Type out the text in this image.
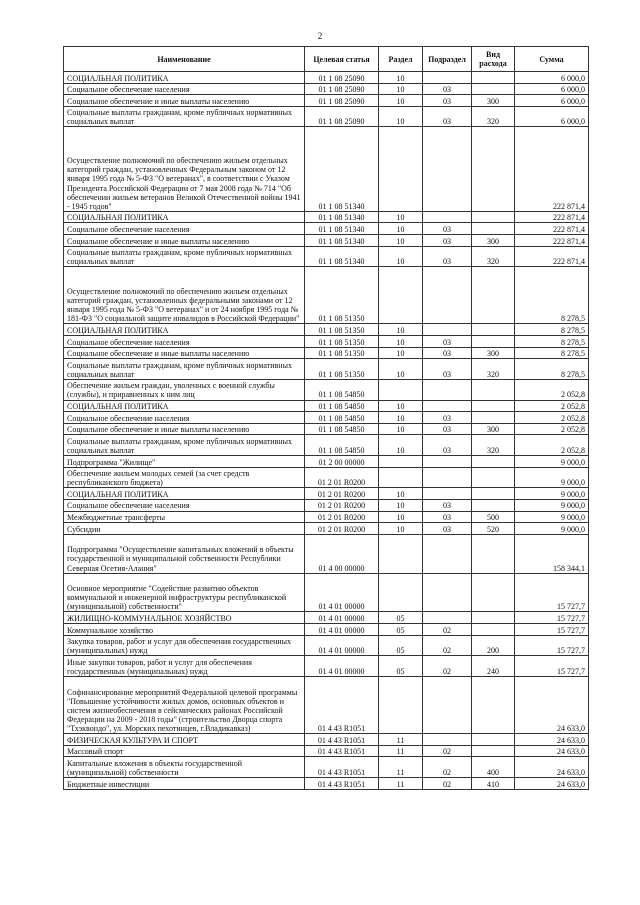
2
Наименование	Целевая статья	Раздел	Подраздел	Вид расхода	Сумма
СОЦИАЛЬНАЯ ПОЛИТИКА	01 1 08 25090	10			6 000,0
Социальное обеспечение населения	01 1 08 25090	10	03		6 000,0
Социальное обеспечение и иные выплаты населению	01 1 08 25090	10	03	300	6 000,0
Социальные выплаты гражданам, кроме публичных нормативных социальных выплат	01 1 08 25090	10	03	320	6 000,0
Осуществление полномочий по обеспечению жильем отдельных категорий граждан, установленных Федеральным законом от 12 января 1995 года № 5-ФЗ "О ветеранах", в соответствии с Указом Президента Российской Федерации от 7 мая 2008 года № 714 "Об обеспечении жильем ветеранов Великой Отечественной войны 1941 - 1945 годов"	01 1 08 51340				222 871,4
СОЦИАЛЬНАЯ ПОЛИТИКА	01 1 08 51340	10			222 871,4
Социальное обеспечение населения	01 1 08 51340	10	03		222 871,4
Социальное обеспечение и иные выплаты населению	01 1 08 51340	10	03	300	222 871,4
Социальные выплаты гражданам, кроме публичных нормативных социальных выплат	01 1 08 51340	10	03	320	222 871,4
Осуществление полномочий по обеспечению жильем отдельных категорий граждан, установленных федеральными законами от 12 января 1995 года № 5-ФЗ "О ветеранах" и от 24 ноября 1995 года № 181-ФЗ "О социальной защите инвалидов в Российской Федерации"	01 1 08 51350				8 278,5
СОЦИАЛЬНАЯ ПОЛИТИКА	01 1 08 51350	10			8 278,5
Социальное обеспечение населения	01 1 08 51350	10	03		8 278,5
Социальное обеспечение и иные выплаты населению	01 1 08 51350	10	03	300	8 278,5
Социальные выплаты гражданам, кроме публичных нормативных социальных выплат	01 1 08 51350	10	03	320	8 278,5
Обеспечение жильем граждан, уволенных с военной службы (службы), и приравненных к ним лиц	01 1 08 54850				2 052,8
СОЦИАЛЬНАЯ ПОЛИТИКА	01 1 08 54850	10			2 052,8
Социальное обеспечение населения	01 1 08 54850	10	03		2 052,8
Социальное обеспечение и иные выплаты населению	01 1 08 54850	10	03	300	2 052,8
Социальные выплаты гражданам, кроме публичных нормативных социальных выплат	01 1 08 54850	10	03	320	2 052,8
Подпрограмма "Жилище"	01 2 00 00000				9 000,0
Обеспечение жильем молодых семей (за счет средств республиканского бюджета)	01 2 01 R0200				9 000,0
СОЦИАЛЬНАЯ ПОЛИТИКА	01 2 01 R0200	10			9 000,0
Социальное обеспечение населения	01 2 01 R0200	10	03		9 000,0
Межбюджетные трансферты	01 2 01 R0200	10	03	500	9 000,0
Субсидии	01 2 01 R0200	10	03	520	9 000,0
Подпрограмма "Осуществление капитальных вложений в объекты государственной и муниципальной собственности Республики Северная Осетия-Алания"	01 4 00 00000				158 344,1
Основное мероприятие "Содействие развитию объектов коммунальной и инженерной инфраструктуры республиканской (муниципальной) собственности"	01 4 01 00000				15 727,7
ЖИЛИЩНО-КОММУНАЛЬНОЕ ХОЗЯЙСТВО	01 4 01 00000	05			15 727,7
Коммунальное хозяйство	01 4 01 00000	05	02		15 727,7
Закупка товаров, работ и услуг для обеспечения государственных (муниципальных) нужд	01 4 01 00000	05	02	200	15 727,7
Иные закупки товаров, работ и услуг для обеспечения государственных (муниципальных) нужд	01 4 01 00000	05	02	240	15 727,7
Софинансирование мероприятий Федеральной целевой программы "Повышение устойчивости жилых домов, основных объектов и систем жизнеобеспечения в сейсмических районах Российской Федерации на 2009 - 2018 годы" (строительство Дворца спорта "Тхэквондо", ул. Морских пехотинцев, г.Владикавказ)	01 4 43 R1051				24 633,0
ФИЗИЧЕСКАЯ КУЛЬТУРА И СПОРТ	01 4 43 R1051	11			24 633,0
Массовый спорт	01 4 43 R1051	11	02		24 633,0
Капитальные вложения в объекты государственной (муниципальной) собственности	01 4 43 R1051	11	02	400	24 633,0
Бюджетные инвестиции	01 4 43 R1051	11	02	410	24 633,0
